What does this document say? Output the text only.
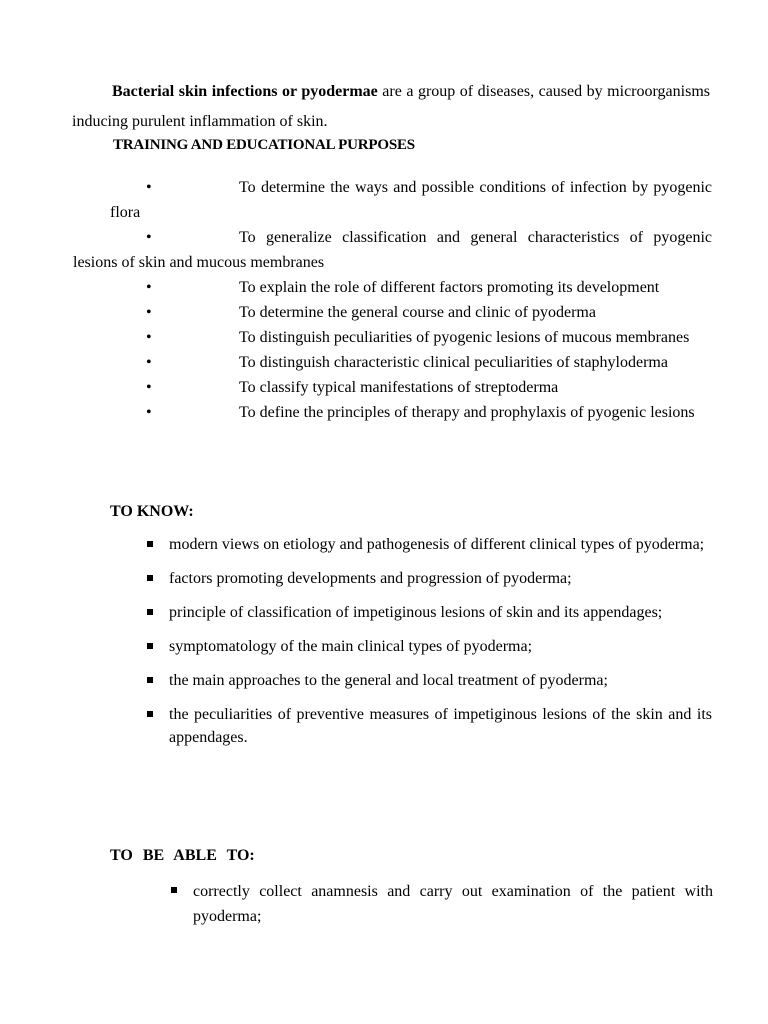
Bacterial skin infections or pyodermae are a group of diseases, caused by microorganisms inducing purulent inflammation of skin.

TRAINING AND EDUCATIONAL PURPOSES

•	To determine the ways and possible conditions of infection by pyogenic flora

•	To generalize classification and general characteristics of pyogenic lesions of skin and mucous membranes

•	To explain the role of different factors promoting its development

•	To determine the general course and clinic of pyoderma

•	To distinguish peculiarities of pyogenic lesions of mucous membranes

•	To distinguish characteristic clinical peculiarities of staphyloderma

•	To classify typical manifestations of streptoderma

•	To define the principles of therapy and prophylaxis of pyogenic lesions

TO KNOW:
modern views on etiology and pathogenesis of different clinical types of pyoderma;
factors promoting developments and progression of pyoderma;
principle of classification of impetiginous lesions of skin and its appendages;
symptomatology of the main clinical types of pyoderma;
the main approaches to the general and local treatment of pyoderma;
the peculiarities of preventive measures of impetiginous lesions of the skin and its appendages.
TO BE ABLE TO:
correctly collect anamnesis and carry out examination of the patient with pyoderma;
